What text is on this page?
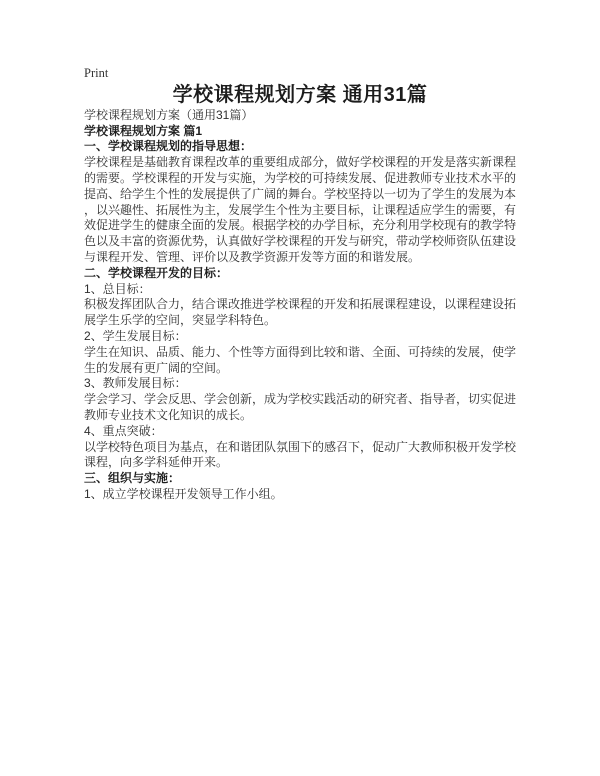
Print

学校课程规划方案 通用31篇

学校课程规划方案（通用31篇）

学校课程规划方案 篇1

一、学校课程规划的指导思想：

学校课程是基础教育课程改革的重要组成部分，做好学校课程的开发是落实新课程的需要。学校课程的开发与实施，为学校的可持续发展、促进教师专业技术水平的提高、给学生个性的发展提供了广阔的舞台。学校坚持以一切为了学生的发展为本，以兴趣性、拓展性为主，发展学生个性为主要目标，让课程适应学生的需要，有效促进学生的健康全面的发展。根据学校的办学目标，充分利用学校现有的教学特色以及丰富的资源优势，认真做好学校课程的开发与研究，带动学校师资队伍建设与课程开发、管理、评价以及教学资源开发等方面的和谐发展。

二、学校课程开发的目标：

1、总目标：

积极发挥团队合力，结合课改推进学校课程的开发和拓展课程建设，以课程建设拓展学生乐学的空间，突显学科特色。

2、学生发展目标：

学生在知识、品质、能力、个性等方面得到比较和谐、全面、可持续的发展，使学生的发展有更广阔的空间。

3、教师发展目标：

学会学习、学会反思、学会创新，成为学校实践活动的研究者、指导者，切实促进教师专业技术文化知识的成长。

4、重点突破：

以学校特色项目为基点，在和谐团队氛围下的感召下，促动广大教师积极开发学校课程，向多学科延伸开来。

三、组织与实施：

1、成立学校课程开发领导工作小组。
